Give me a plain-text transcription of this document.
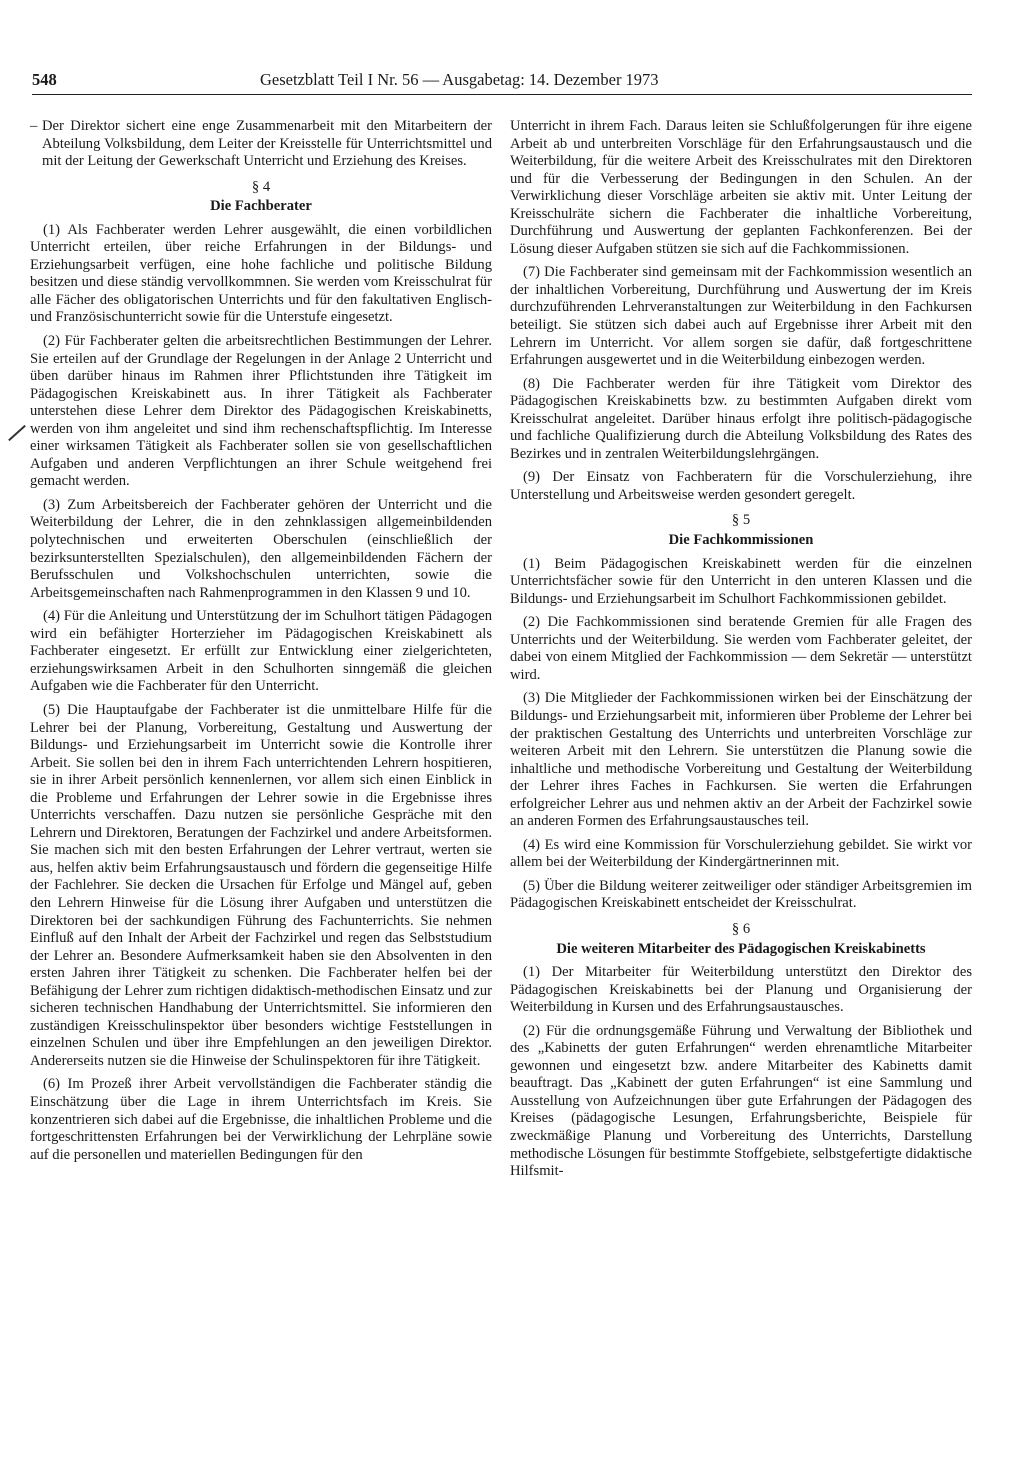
548	Gesetzblatt Teil I Nr. 56 — Ausgabetag: 14. Dezember 1973

– Der Direktor sichert eine enge Zusammenarbeit mit den Mitarbeitern der Abteilung Volksbildung, dem Leiter der Kreisstelle für Unterrichtsmittel und mit der Leitung der Gewerkschaft Unterricht und Erziehung des Kreises.

§ 4
Die Fachberater

(1) Als Fachberater werden Lehrer ausgewählt, die einen vorbildlichen Unterricht erteilen, über reiche Erfahrungen in der Bildungs- und Erziehungsarbeit verfügen, eine hohe fachliche und politische Bildung besitzen und diese ständig vervollkommnen. Sie werden vom Kreisschulrat für alle Fächer des obligatorischen Unterrichts und für den fakultativen Englisch- und Französischunterricht sowie für die Unterstufe eingesetzt.

(2) Für Fachberater gelten die arbeitsrechtlichen Bestimmungen der Lehrer. Sie erteilen auf der Grundlage der Regelungen in der Anlage 2 Unterricht und üben darüber hinaus im Rahmen ihrer Pflichtstunden ihre Tätigkeit im Pädagogischen Kreiskabinett aus. In ihrer Tätigkeit als Fachberater unterstehen diese Lehrer dem Direktor des Pädagogischen Kreiskabinetts, werden von ihm angeleitet und sind ihm rechenschaftspflichtig. Im Interesse einer wirksamen Tätigkeit als Fachberater sollen sie von gesellschaftlichen Aufgaben und anderen Verpflichtungen an ihrer Schule weitgehend frei gemacht werden.

(3) Zum Arbeitsbereich der Fachberater gehören der Unterricht und die Weiterbildung der Lehrer, die in den zehnklassigen allgemeinbildenden polytechnischen und erweiterten Oberschulen (einschließlich der bezirksunterstellten Spezialschulen), den allgemeinbildenden Fächern der Berufsschulen und Volkshochschulen unterrichten, sowie die Arbeitsgemeinschaften nach Rahmenprogrammen in den Klassen 9 und 10.

(4) Für die Anleitung und Unterstützung der im Schulhort tätigen Pädagogen wird ein befähigter Horterzieher im Pädagogischen Kreiskabinett als Fachberater eingesetzt. Er erfüllt zur Entwicklung einer zielgerichteten, erziehungswirksamen Arbeit in den Schulhorten sinngemäß die gleichen Aufgaben wie die Fachberater für den Unterricht.

(5) Die Hauptaufgabe der Fachberater ist die unmittelbare Hilfe für die Lehrer bei der Planung, Vorbereitung, Gestaltung und Auswertung der Bildungs- und Erziehungsarbeit im Unterricht sowie die Kontrolle ihrer Arbeit. Sie sollen bei den in ihrem Fach unterrichtenden Lehrern hospitieren, sie in ihrer Arbeit persönlich kennenlernen, vor allem sich einen Einblick in die Probleme und Erfahrungen der Lehrer sowie in die Ergebnisse ihres Unterrichts verschaffen. Dazu nutzen sie persönliche Gespräche mit den Lehrern und Direktoren, Beratungen der Fachzirkel und andere Arbeitsformen. Sie machen sich mit den besten Erfahrungen der Lehrer vertraut, werten sie aus, helfen aktiv beim Erfahrungsaustausch und fördern die gegenseitige Hilfe der Fachlehrer. Sie decken die Ursachen für Erfolge und Mängel auf, geben den Lehrern Hinweise für die Lösung ihrer Aufgaben und unterstützen die Direktoren bei der sachkundigen Führung des Fachunterrichts. Sie nehmen Einfluß auf den Inhalt der Arbeit der Fachzirkel und regen das Selbststudium der Lehrer an. Besondere Aufmerksamkeit haben sie den Absolventen in den ersten Jahren ihrer Tätigkeit zu schenken. Die Fachberater helfen bei der Befähigung der Lehrer zum richtigen didaktisch-methodischen Einsatz und zur sicheren technischen Handhabung der Unterrichtsmittel. Sie informieren den zuständigen Kreisschulinspektor über besonders wichtige Feststellungen in einzelnen Schulen und über ihre Empfehlungen an den jeweiligen Direktor. Andererseits nutzen sie die Hinweise der Schulinspektoren für ihre Tätigkeit.

(6) Im Prozeß ihrer Arbeit vervollständigen die Fachberater ständig die Einschätzung über die Lage in ihrem Unterrichtsfach im Kreis. Sie konzentrieren sich dabei auf die Ergebnisse, die inhaltlichen Probleme und die fortgeschrittensten Erfahrungen bei der Verwirklichung der Lehrpläne sowie auf die personellen und materiellen Bedingungen für den

Unterricht in ihrem Fach. Daraus leiten sie Schlußfolgerungen für ihre eigene Arbeit ab und unterbreiten Vorschläge für den Erfahrungsaustausch und die Weiterbildung, für die weitere Arbeit des Kreisschulrates mit den Direktoren und für die Verbesserung der Bedingungen in den Schulen. An der Verwirklichung dieser Vorschläge arbeiten sie aktiv mit. Unter Leitung der Kreisschulräte sichern die Fachberater die inhaltliche Vorbereitung, Durchführung und Auswertung der geplanten Fachkonferenzen. Bei der Lösung dieser Aufgaben stützen sie sich auf die Fachkommissionen.

(7) Die Fachberater sind gemeinsam mit der Fachkommission wesentlich an der inhaltlichen Vorbereitung, Durchführung und Auswertung der im Kreis durchzuführenden Lehrveranstaltungen zur Weiterbildung in den Fachkursen beteiligt. Sie stützen sich dabei auch auf Ergebnisse ihrer Arbeit mit den Lehrern im Unterricht. Vor allem sorgen sie dafür, daß fortgeschrittene Erfahrungen ausgewertet und in die Weiterbildung einbezogen werden.

(8) Die Fachberater werden für ihre Tätigkeit vom Direktor des Pädagogischen Kreiskabinetts bzw. zu bestimmten Aufgaben direkt vom Kreisschulrat angeleitet. Darüber hinaus erfolgt ihre politisch-pädagogische und fachliche Qualifizierung durch die Abteilung Volksbildung des Rates des Bezirkes und in zentralen Weiterbildungslehrgängen.

(9) Der Einsatz von Fachberatern für die Vorschulerziehung, ihre Unterstellung und Arbeitsweise werden gesondert geregelt.

§ 5
Die Fachkommissionen

(1) Beim Pädagogischen Kreiskabinett werden für die einzelnen Unterrichtsfächer sowie für den Unterricht in den unteren Klassen und die Bildungs- und Erziehungsarbeit im Schulhort Fachkommissionen gebildet.

(2) Die Fachkommissionen sind beratende Gremien für alle Fragen des Unterrichts und der Weiterbildung. Sie werden vom Fachberater geleitet, der dabei von einem Mitglied der Fachkommission — dem Sekretär — unterstützt wird.

(3) Die Mitglieder der Fachkommissionen wirken bei der Einschätzung der Bildungs- und Erziehungsarbeit mit, informieren über Probleme der Lehrer bei der praktischen Gestaltung des Unterrichts und unterbreiten Vorschläge zur weiteren Arbeit mit den Lehrern. Sie unterstützen die Planung sowie die inhaltliche und methodische Vorbereitung und Gestaltung der Weiterbildung der Lehrer ihres Faches in Fachkursen. Sie werten die Erfahrungen erfolgreicher Lehrer aus und nehmen aktiv an der Arbeit der Fachzirkel sowie an anderen Formen des Erfahrungsaustausches teil.

(4) Es wird eine Kommission für Vorschulerziehung gebildet. Sie wirkt vor allem bei der Weiterbildung der Kindergärtnerinnen mit.

(5) Über die Bildung weiterer zeitweiliger oder ständiger Arbeitsgremien im Pädagogischen Kreiskabinett entscheidet der Kreisschulrat.

§ 6
Die weiteren Mitarbeiter des Pädagogischen Kreiskabinetts

(1) Der Mitarbeiter für Weiterbildung unterstützt den Direktor des Pädagogischen Kreiskabinetts bei der Planung und Organisierung der Weiterbildung in Kursen und des Erfahrungsaustausches.

(2) Für die ordnungsgemäße Führung und Verwaltung der Bibliothek und des „Kabinetts der guten Erfahrungen“ werden ehrenamtliche Mitarbeiter gewonnen und eingesetzt bzw. andere Mitarbeiter des Kabinetts damit beauftragt. Das „Kabinett der guten Erfahrungen“ ist eine Sammlung und Ausstellung von Aufzeichnungen über gute Erfahrungen der Pädagogen des Kreises (pädagogische Lesungen, Erfahrungsberichte, Beispiele für zweckmäßige Planung und Vorbereitung des Unterrichts, Darstellung methodische Lösungen für bestimmte Stoffgebiete, selbstgefertigte didaktische Hilfsmit-
